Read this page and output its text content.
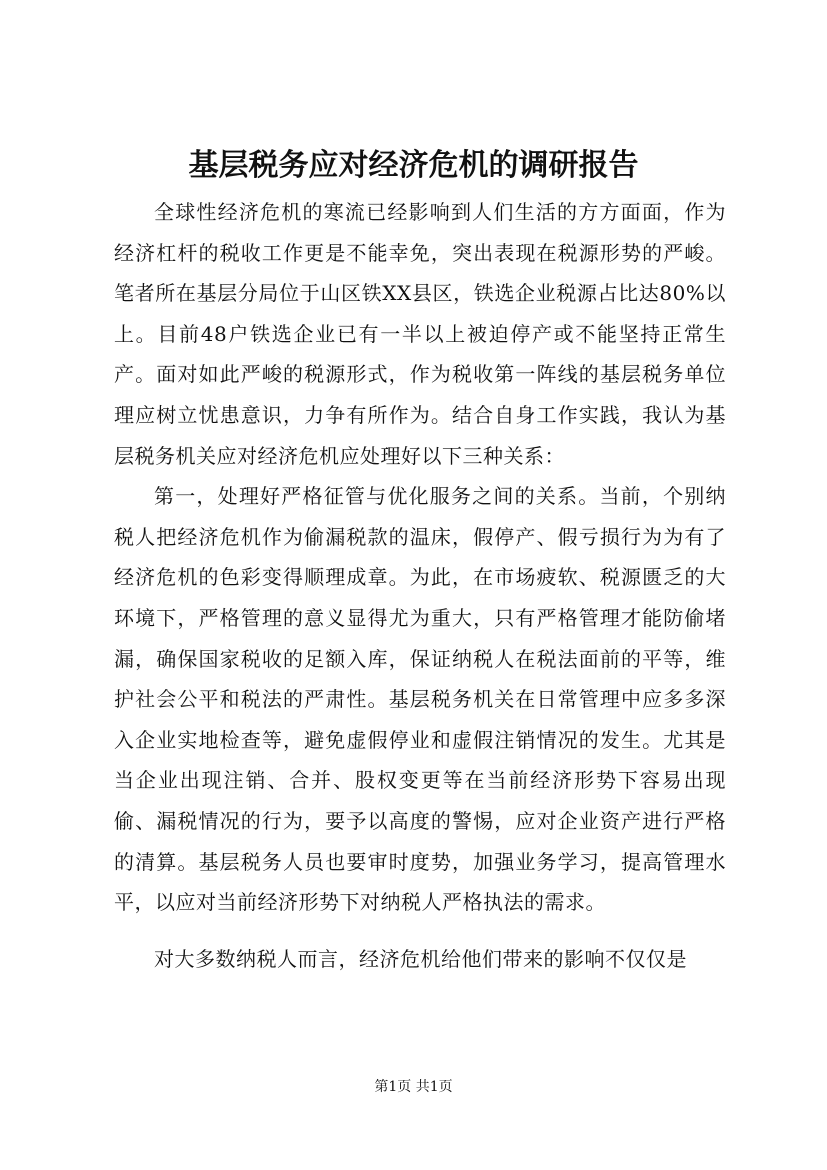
基层税务应对经济危机的调研报告

全球性经济危机的寒流已经影响到人们生活的方方面面，作为经济杠杆的税收工作更是不能幸免，突出表现在税源形势的严峻。笔者所在基层分局位于山区铁XX县区，铁选企业税源占比达80%以上。目前48户铁选企业已有一半以上被迫停产或不能坚持正常生产。面对如此严峻的税源形式，作为税收第一阵线的基层税务单位理应树立忧患意识，力争有所作为。结合自身工作实践，我认为基层税务机关应对经济危机应处理好以下三种关系：

第一，处理好严格征管与优化服务之间的关系。当前，个别纳税人把经济危机作为偷漏税款的温床，假停产、假亏损行为为有了经济危机的色彩变得顺理成章。为此，在市场疲软、税源匮乏的大环境下，严格管理的意义显得尤为重大，只有严格管理才能防偷堵漏，确保国家税收的足额入库，保证纳税人在税法面前的平等，维护社会公平和税法的严肃性。基层税务机关在日常管理中应多多深入企业实地检查等，避免虚假停业和虚假注销情况的发生。尤其是当企业出现注销、合并、股权变更等在当前经济形势下容易出现偷、漏税情况的行为，要予以高度的警惕，应对企业资产进行严格的清算。基层税务人员也要审时度势，加强业务学习，提高管理水平，以应对当前经济形势下对纳税人严格执法的需求。

对大多数纳税人而言，经济危机给他们带来的影响不仅仅是

第1页 共1页
